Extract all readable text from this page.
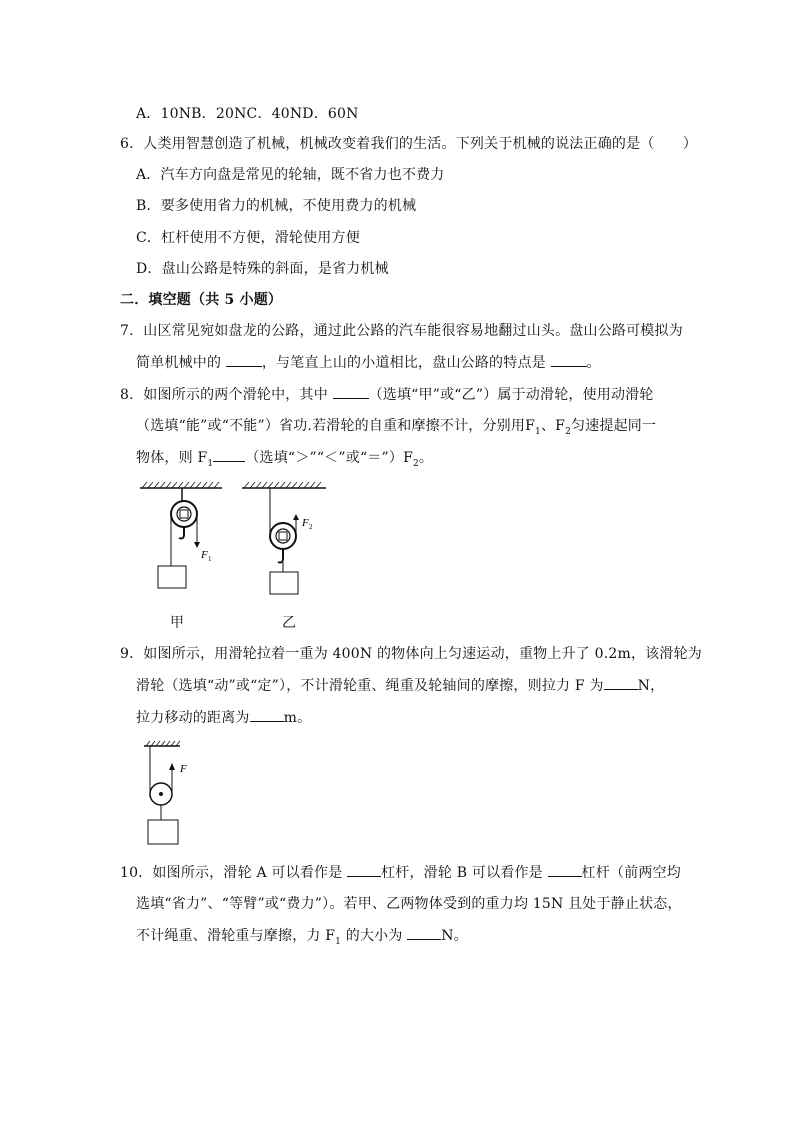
A．10NB．20NC．40ND．60N
6．人类用智慧创造了机械，机械改变着我们的生活。下列关于机械的说法正确的是（　　）
A．汽车方向盘是常见的轮轴，既不省力也不费力
B．要多使用省力的机械，不使用费力的机械
C．杠杆使用不方便，滑轮使用方便
D．盘山公路是特殊的斜面，是省力机械
二．填空题（共 5 小题）
7．山区常见宛如盘龙的公路，通过此公路的汽车能很容易地翻过山头。盘山公路可模拟为
简单机械中的	，与笔直上山的小道相比，盘山公路的特点是	。
8．如图所示的两个滑轮中，其中	（选填“甲”或“乙”）属于动滑轮，使用动滑轮
（选填“能”或“不能”）省功.若滑轮的自重和摩擦不计，分别用$F_1$、$F_2$匀速提起同一
物体，则 $F_1$ （选填“＞”“＜”或“$=”)F_2$。
F 1
F 2
甲	乙
9．如图所示，用滑轮拉着一重为 400N 的物体向上匀速运动，重物上升了 0.2m，该滑轮为
滑轮（选填“动”或“定”），不计滑轮重、绳重及轮轴间的摩擦，则拉力 F 为 N，
拉力移动的距离为 m。
F
10．如图所示，滑轮 A 可以看作是 杠杆，滑轮 B 可以看作是 杠杆（前两空均
选填“省力”、“等臂”或“费力”）。若甲、乙两物体受到的重力均 15N 且处于静止状态，
不计绳重、滑轮重与摩擦，力 $F_1$ 的大小为 N。
